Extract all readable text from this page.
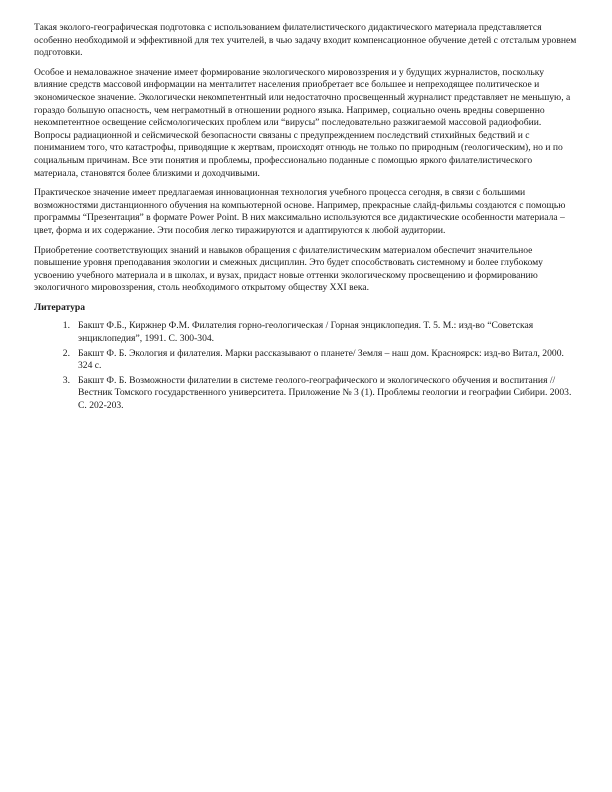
Такая эколого-географическая подготовка с использованием филателистического дидактического материала представляется особенно необходимой и эффективной для тех учителей, в чью задачу входит компенсационное обучение детей с отсталым уровнем подготовки.

Особое и немаловажное значение имеет формирование экологического мировоззрения и у будущих журналистов, поскольку влияние средств массовой информации на менталитет населения приобретает все большее и непреходящее политическое и экономическое значение. Экологически некомпетентный или недостаточно просвещенный журналист представляет не меньшую, а гораздо большую опасность, чем неграмотный в отношении родного языка. Например, социально очень вредны совершенно некомпетентное освещение сейсмологических проблем или “вирусы” последовательно разжигаемой массовой радиофобии. Вопросы радиационной и сейсмической безопасности связаны с предупреждением последствий стихийных бедствий и с пониманием того, что катастрофы, приводящие к жертвам, происходят отнюдь не только по природным (геологическим), но и по социальным причинам. Все эти понятия и проблемы, профессионально поданные с помощью яркого филателистического материала, становятся более близкими и доходчивыми.

Практическое значение имеет предлагаемая инновационная технология учебного процесса сегодня, в связи с большими возможностями дистанционного обучения на компьютерной основе. Например, прекрасные слайд-фильмы создаются с помощью программы “Презентация” в формате Power Point. В них максимально используются все дидактические особенности материала – цвет, форма и их содержание. Эти пособия легко тиражируются и адаптируются к любой аудитории.

Приобретение соответствующих знаний и навыков обращения с филателистическим материалом обеспечит значительное повышение уровня преподавания экологии и смежных дисциплин. Это будет способствовать системному и более глубокому усвоению учебного материала и в школах, и вузах, придаст новые оттенки экологическому просвещению и формированию экологичного мировоззрения, столь необходимого открытому обществу XXI века.

Литература
1. Бакшт Ф.Б., Киржнер Ф.М. Филателия горно-геологическая / Горная энциклопедия. Т. 5. М.: изд-во “Советская энциклопедия”, 1991. С. 300-304.
2. Бакшт Ф. Б. Экология и филателия. Марки рассказывают о планете/ Земля – наш дом. Красноярск: изд-во Витал, 2000. 324 с.
3. Бакшт Ф. Б. Возможности филателии в системе геолого-географического и экологического обучения и воспитания // Вестник Томского государственного университета. Приложение № 3 (1). Проблемы геологии и географии Сибири. 2003. С. 202-203.
